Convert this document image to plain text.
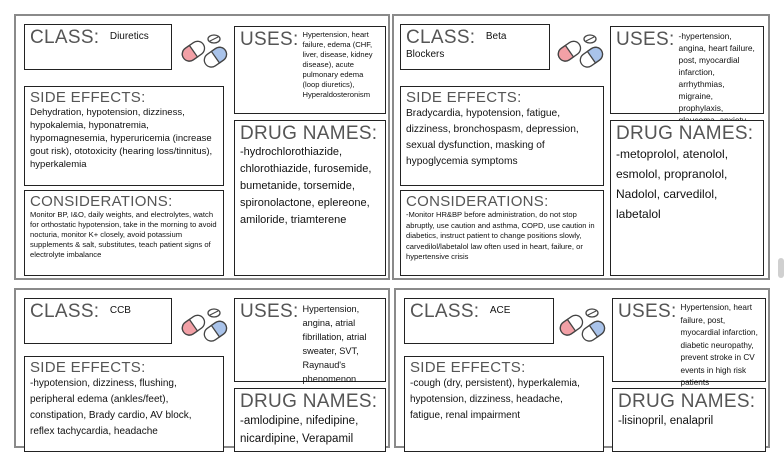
CLASS: $^{Diuretics}$	USES: Hypertension, heart failure, edema (CHF, liver, disease, kidney disease), acute pulmonary edema (loop diuretics), Hyperaldosteronism
SIDE EFFECTS:
Dehydration, hypotension, dizziness, hypokalemia, hyponatremia, hypomagnesemia, hyperuricemia (increase gout risk), ototoxicity (hearing loss/tinnitus), hyperkalemia
CONSIDERATIONS:
Monitor BP, I&O, daily weights, and electrolytes, watch for orthostatic hypotension, take in the morning to avoid nocturia, monitor K+ closely, avoid potassium supplements & salt, substitutes, teach patient signs of electrolyte imbalance
DRUG NAMES:
-hydrochlorothiazide, chlorothiazide, furosemide, bumetanide, torsemide, spironolactone, eplereone, amiloride, triamterene
CLASS: $^{Beta Blockers}$
USES: -hypertension, angina, heart failure, post, myocardial infarction, arrhythmias, migraine, prophylaxis,
SIDE EFFECTS:
Bradycardia, hypotension, fatigue, dizziness, bronchospasm, depression, sexual dysfunction, masking of hypoglycemia symptoms
CONSIDERATIONS:
-Monitor HR&BP before administration, do not stop abruptly, use caution and asthma, COPD, use caution in diabetics, instruct patient to change positions slowly, carvedilol/labetalol law often used in heart, failure, or hypertensive crisis
DRUG NAMES:
-metoprolol, atenolol, esmolol, propranolol, Nadolol, carvedilol, labetalol
CLASS: $^{CCB}$	USES: Hypertension, angina, atrial fibrillation, atrial sweater, SVT, Raynaud's phenomenon
SIDE EFFECTS:
-hypotension, dizziness, flushing, peripheral edema (ankles/feet), constipation, Brady cardio, AV block, reflex tachycardia, headache
DRUG NAMES:
-amlodipine, nifedipine, nicardipine, Verapamil
CLASS: $^{ACE}$	USES: Hypertension, heart failure, post, myocardial infarction, diabetic neuropathy, prevent stroke in CV events in high risk patients
SIDE EFFECTS:
-cough (dry, persistent), hyperkalemia, hypotension, dizziness, headache, fatigue, renal impairment
DRUG NAMES:
-lisinopril, enalapril
